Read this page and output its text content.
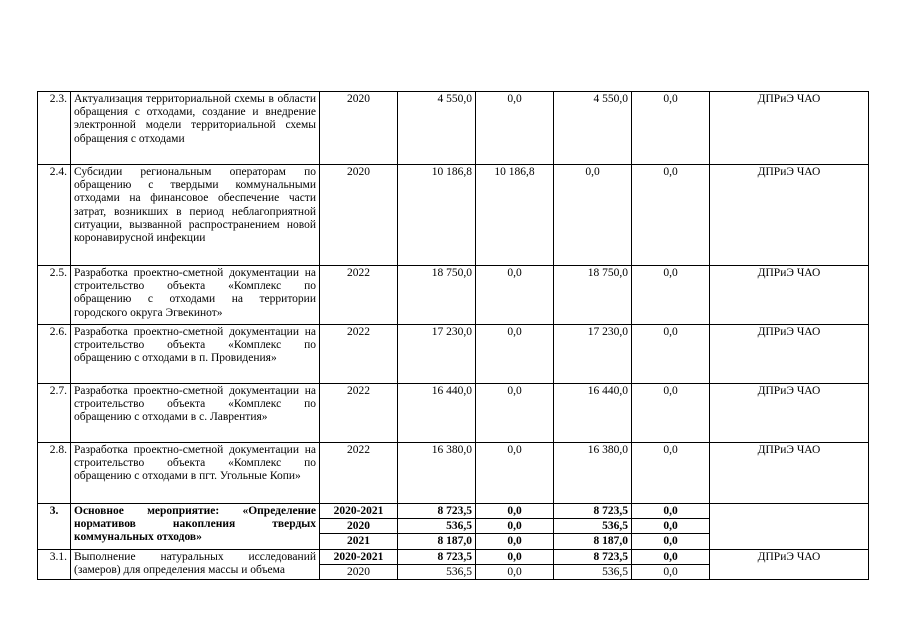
2.3.	Актуализация территориальной схемы в области обращения с отходами, создание и внедрение электронной модели территориальной схемы обращения с отходами	2020	4 550,0	0,0	4 550,0	0,0	ДПРиЭ ЧАО
2.4.	Субсидии региональным операторам по обращению с твердыми коммунальными отходами на финансовое обеспечение части затрат, возникших в период неблагоприятной ситуации, вызванной распространением новой коронавирусной инфекции	2020	10 186,8	10 186,8	0,0	0,0	ДПРиЭ ЧАО
2.5.	Разработка проектно-сметной документации на строительство объекта «Комплекс по обращению с отходами на территории городского округа Эгвекинот»	2022	18 750,0	0,0	18 750,0	0,0	ДПРиЭ ЧАО
2.6.	Разработка проектно-сметной документации на строительство объекта «Комплекс по обращению с отходами в п. Провидения»	2022	17 230,0	0,0	17 230,0	0,0	ДПРиЭ ЧАО
2.7.	Разработка проектно-сметной документации на строительство объекта «Комплекс по обращению с отходами в с. Лаврентия»	2022	16 440,0	0,0	16 440,0	0,0	ДПРиЭ ЧАО
2.8.	Разработка проектно-сметной документации на строительство объекта «Комплекс по обращению с отходами в пгт. Угольные Копи»	2022	16 380,0	0,0	16 380,0	0,0	ДПРиЭ ЧАО
3.	Основное мероприятие: «Определение нормативов накопления твердых коммунальных отходов»	2020-2021	8 723,5	0,0	8 723,5	0,0	
		2020	536,5	0,0	536,5	0,0	
		2021	8 187,0	0,0	8 187,0	0,0	
3.1.	Выполнение натуральных исследований (замеров) для определения массы и объема	2020-2021	8 723,5	0,0	8 723,5	0,0	ДПРиЭ ЧАО
		2020	536,5	0,0	536,5	0,0	
